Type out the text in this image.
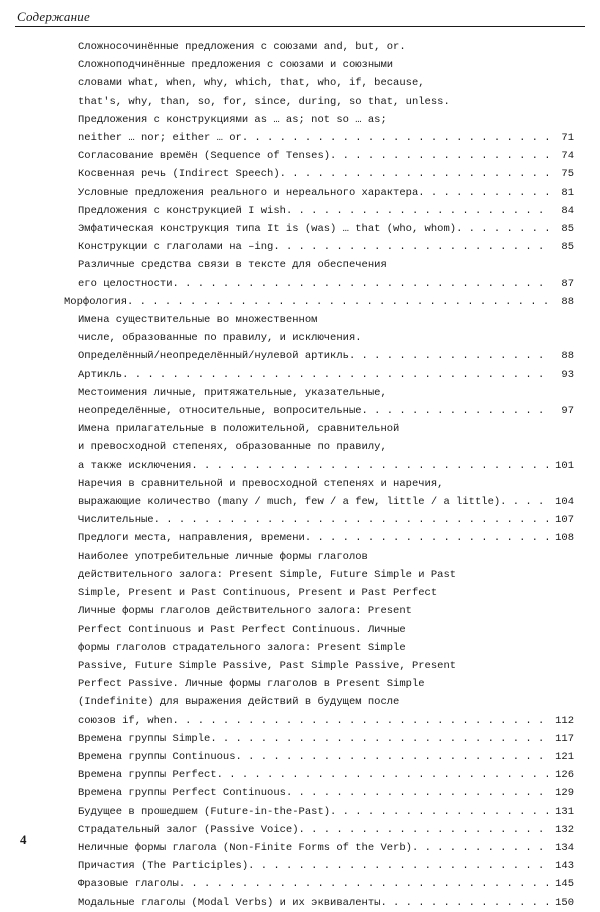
Содержание
Сложносочинённые предложения с союзами and, but, or.
Сложноподчинённые предложения с союзами и союзными
словами what, when, why, which, that, who, if, because,
that's, why, than, so, for, since, during, so that, unless.
Предложения с конструкциями as … as; not so … as;
neither … nor; either … or . . .	71
Согласование времён (Sequence of Tenses) . . .	74
Косвенная речь (Indirect Speech) . . .	75
Условные предложения реального и нереального характера . . .	81
Предложения с конструкцией I wish . . .	84
Эмфатическая конструкция типа It is (was) … that (who, whom) . . .	85
Конструкции с глаголами на –ing . . .	85
Различные средства связи в тексте для обеспечения
его целостности . . .	87
Морфология . . .	88
Имена существительные во множественном
числе, образованные по правилу, и исключения.
Определённый/неопределённый/нулевой артикль . . .	88
Артикль . . .	93
Местоимения личные, притяжательные, указательные,
неопределённые, относительные, вопросительные . . .	97
Имена прилагательные в положительной, сравнительной
и превосходной степенях, образованные по правилу,
а также исключения . . .	101
Наречия в сравнительной и превосходной степенях и наречия,
выражающие количество (many / much, few / a few, little / a little) . . .	104
Числительные . . .	107
Предлоги места, направления, времени . . .	108
Наиболее употребительные личные формы глаголов
действительного залога: Present Simple, Future Simple и Past
Simple, Present и Past Continuous, Present и Past Perfect
Личные формы глаголов действительного залога: Present
Perfect Continuous и Past Perfect Continuous. Личные
формы глаголов страдательного залога: Present Simple
Passive, Future Simple Passive, Past Simple Passive, Present
Perfect Passive. Личные формы глаголов в Present Simple
(Indefinite) для выражения действий в будущем после
союзов if, when . . .	112
Времена группы Simple . . .	117
Времена группы Continuous . . .	121
Времена группы Perfect . . .	126
Времена группы Perfect Continuous . . .	129
Будущее в прошедшем (Future-in-the-Past) . . .	131
Страдательный залог (Passive Voice) . . .	132
Неличные формы глагола (Non-Finite Forms of the Verb) . . .	134
Причастия (The Participles) . . .	143
Фразовые глаголы . . .	145
Модальные глаголы (Modal Verbs) и их эквиваленты . . .	150
4
